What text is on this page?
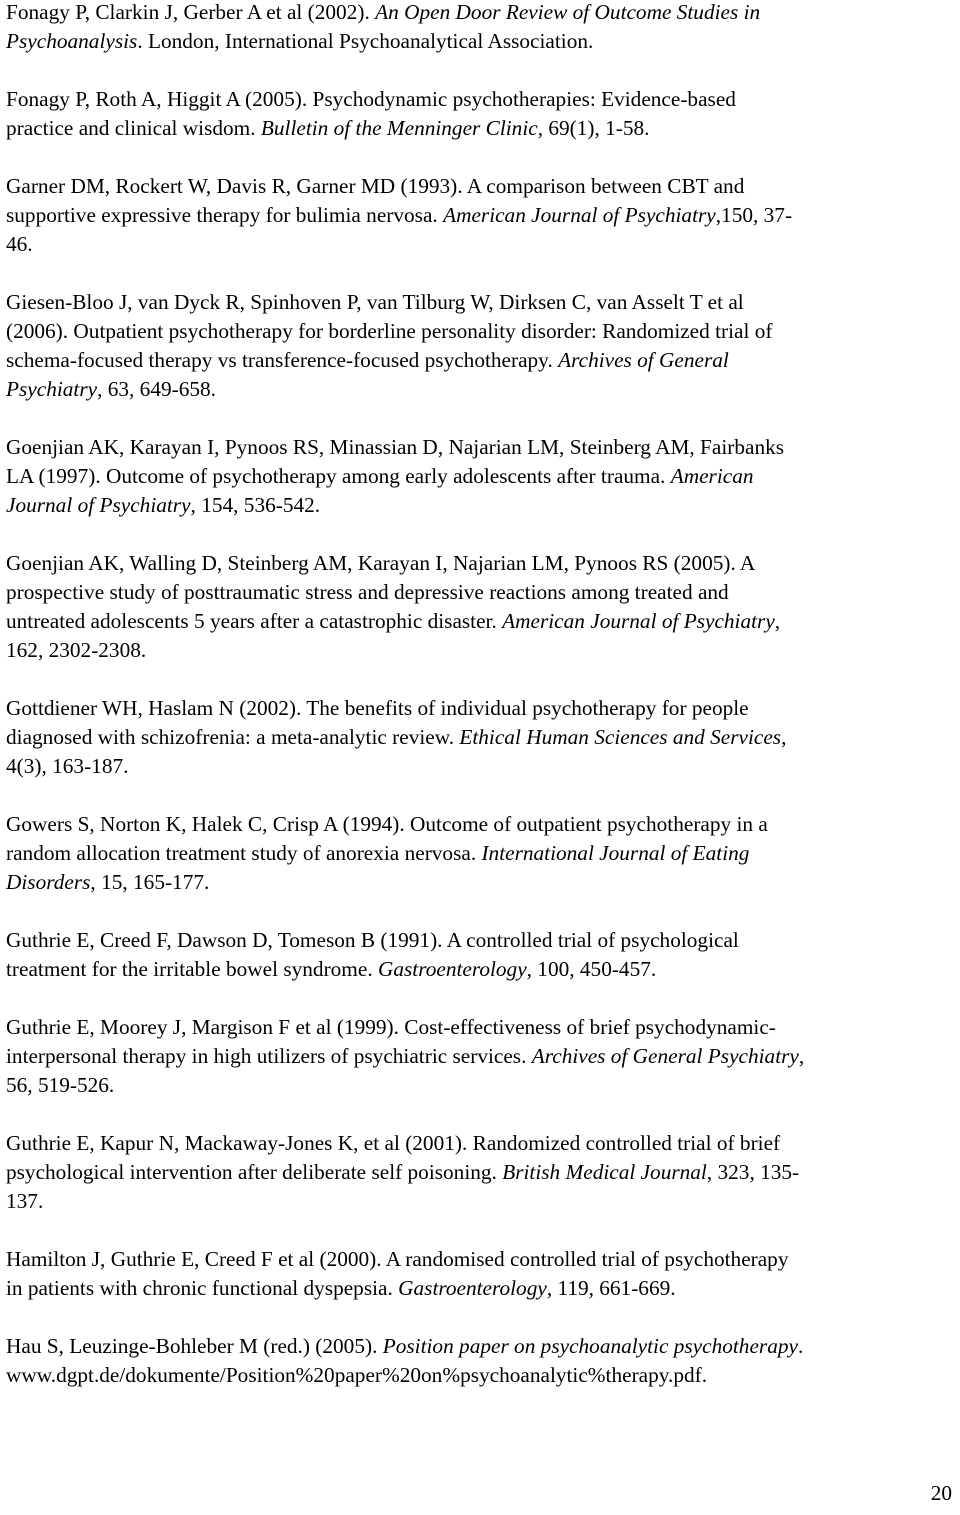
Fonagy P, Clarkin J, Gerber A et al (2002). An Open Door Review of Outcome Studies in
Psychoanalysis. London, International Psychoanalytical Association.

Fonagy P, Roth A, Higgit A (2005). Psychodynamic psychotherapies: Evidence-based
practice and clinical wisdom. Bulletin of the Menninger Clinic, 69(1), 1-58.

Garner DM, Rockert W, Davis R, Garner MD (1993). A comparison between CBT and
supportive expressive therapy for bulimia nervosa. American Journal of Psychiatry,150, 37-
46.

Giesen-Bloo J, van Dyck R, Spinhoven P, van Tilburg W, Dirksen C, van Asselt T et al
(2006). Outpatient psychotherapy for borderline personality disorder: Randomized trial of
schema-focused therapy vs transference-focused psychotherapy. Archives of General
Psychiatry, 63, 649-658.

Goenjian AK, Karayan I, Pynoos RS, Minassian D, Najarian LM, Steinberg AM, Fairbanks
LA (1997). Outcome of psychotherapy among early adolescents after trauma. American
Journal of Psychiatry, 154, 536-542.

Goenjian AK, Walling D, Steinberg AM, Karayan I, Najarian LM, Pynoos RS (2005). A
prospective study of posttraumatic stress and depressive reactions among treated and
untreated adolescents 5 years after a catastrophic disaster. American Journal of Psychiatry,
162, 2302-2308.

Gottdiener WH, Haslam N (2002). The benefits of individual psychotherapy for people
diagnosed with schizofrenia: a meta-analytic review. Ethical Human Sciences and Services,
4(3), 163-187.

Gowers S, Norton K, Halek C, Crisp A (1994). Outcome of outpatient psychotherapy in a
random allocation treatment study of anorexia nervosa. International Journal of Eating
Disorders, 15, 165-177.

Guthrie E, Creed F, Dawson D, Tomeson B (1991). A controlled trial of psychological
treatment for the irritable bowel syndrome. Gastroenterology, 100, 450-457.

Guthrie E, Moorey J, Margison F et al (1999). Cost-effectiveness of brief psychodynamic-
interpersonal therapy in high utilizers of psychiatric services. Archives of General Psychiatry,
56, 519-526.

Guthrie E, Kapur N, Mackaway-Jones K, et al (2001). Randomized controlled trial of brief
psychological intervention after deliberate self poisoning. British Medical Journal, 323, 135-
137.

Hamilton J, Guthrie E, Creed F et al (2000). A randomised controlled trial of psychotherapy
in patients with chronic functional dyspepsia. Gastroenterology, 119, 661-669.

Hau S, Leuzinge-Bohleber M (red.) (2005). Position paper on psychoanalytic psychotherapy.
www.dgpt.de/dokumente/Position%20paper%20on%psychoanalytic%therapy.pdf.

20
